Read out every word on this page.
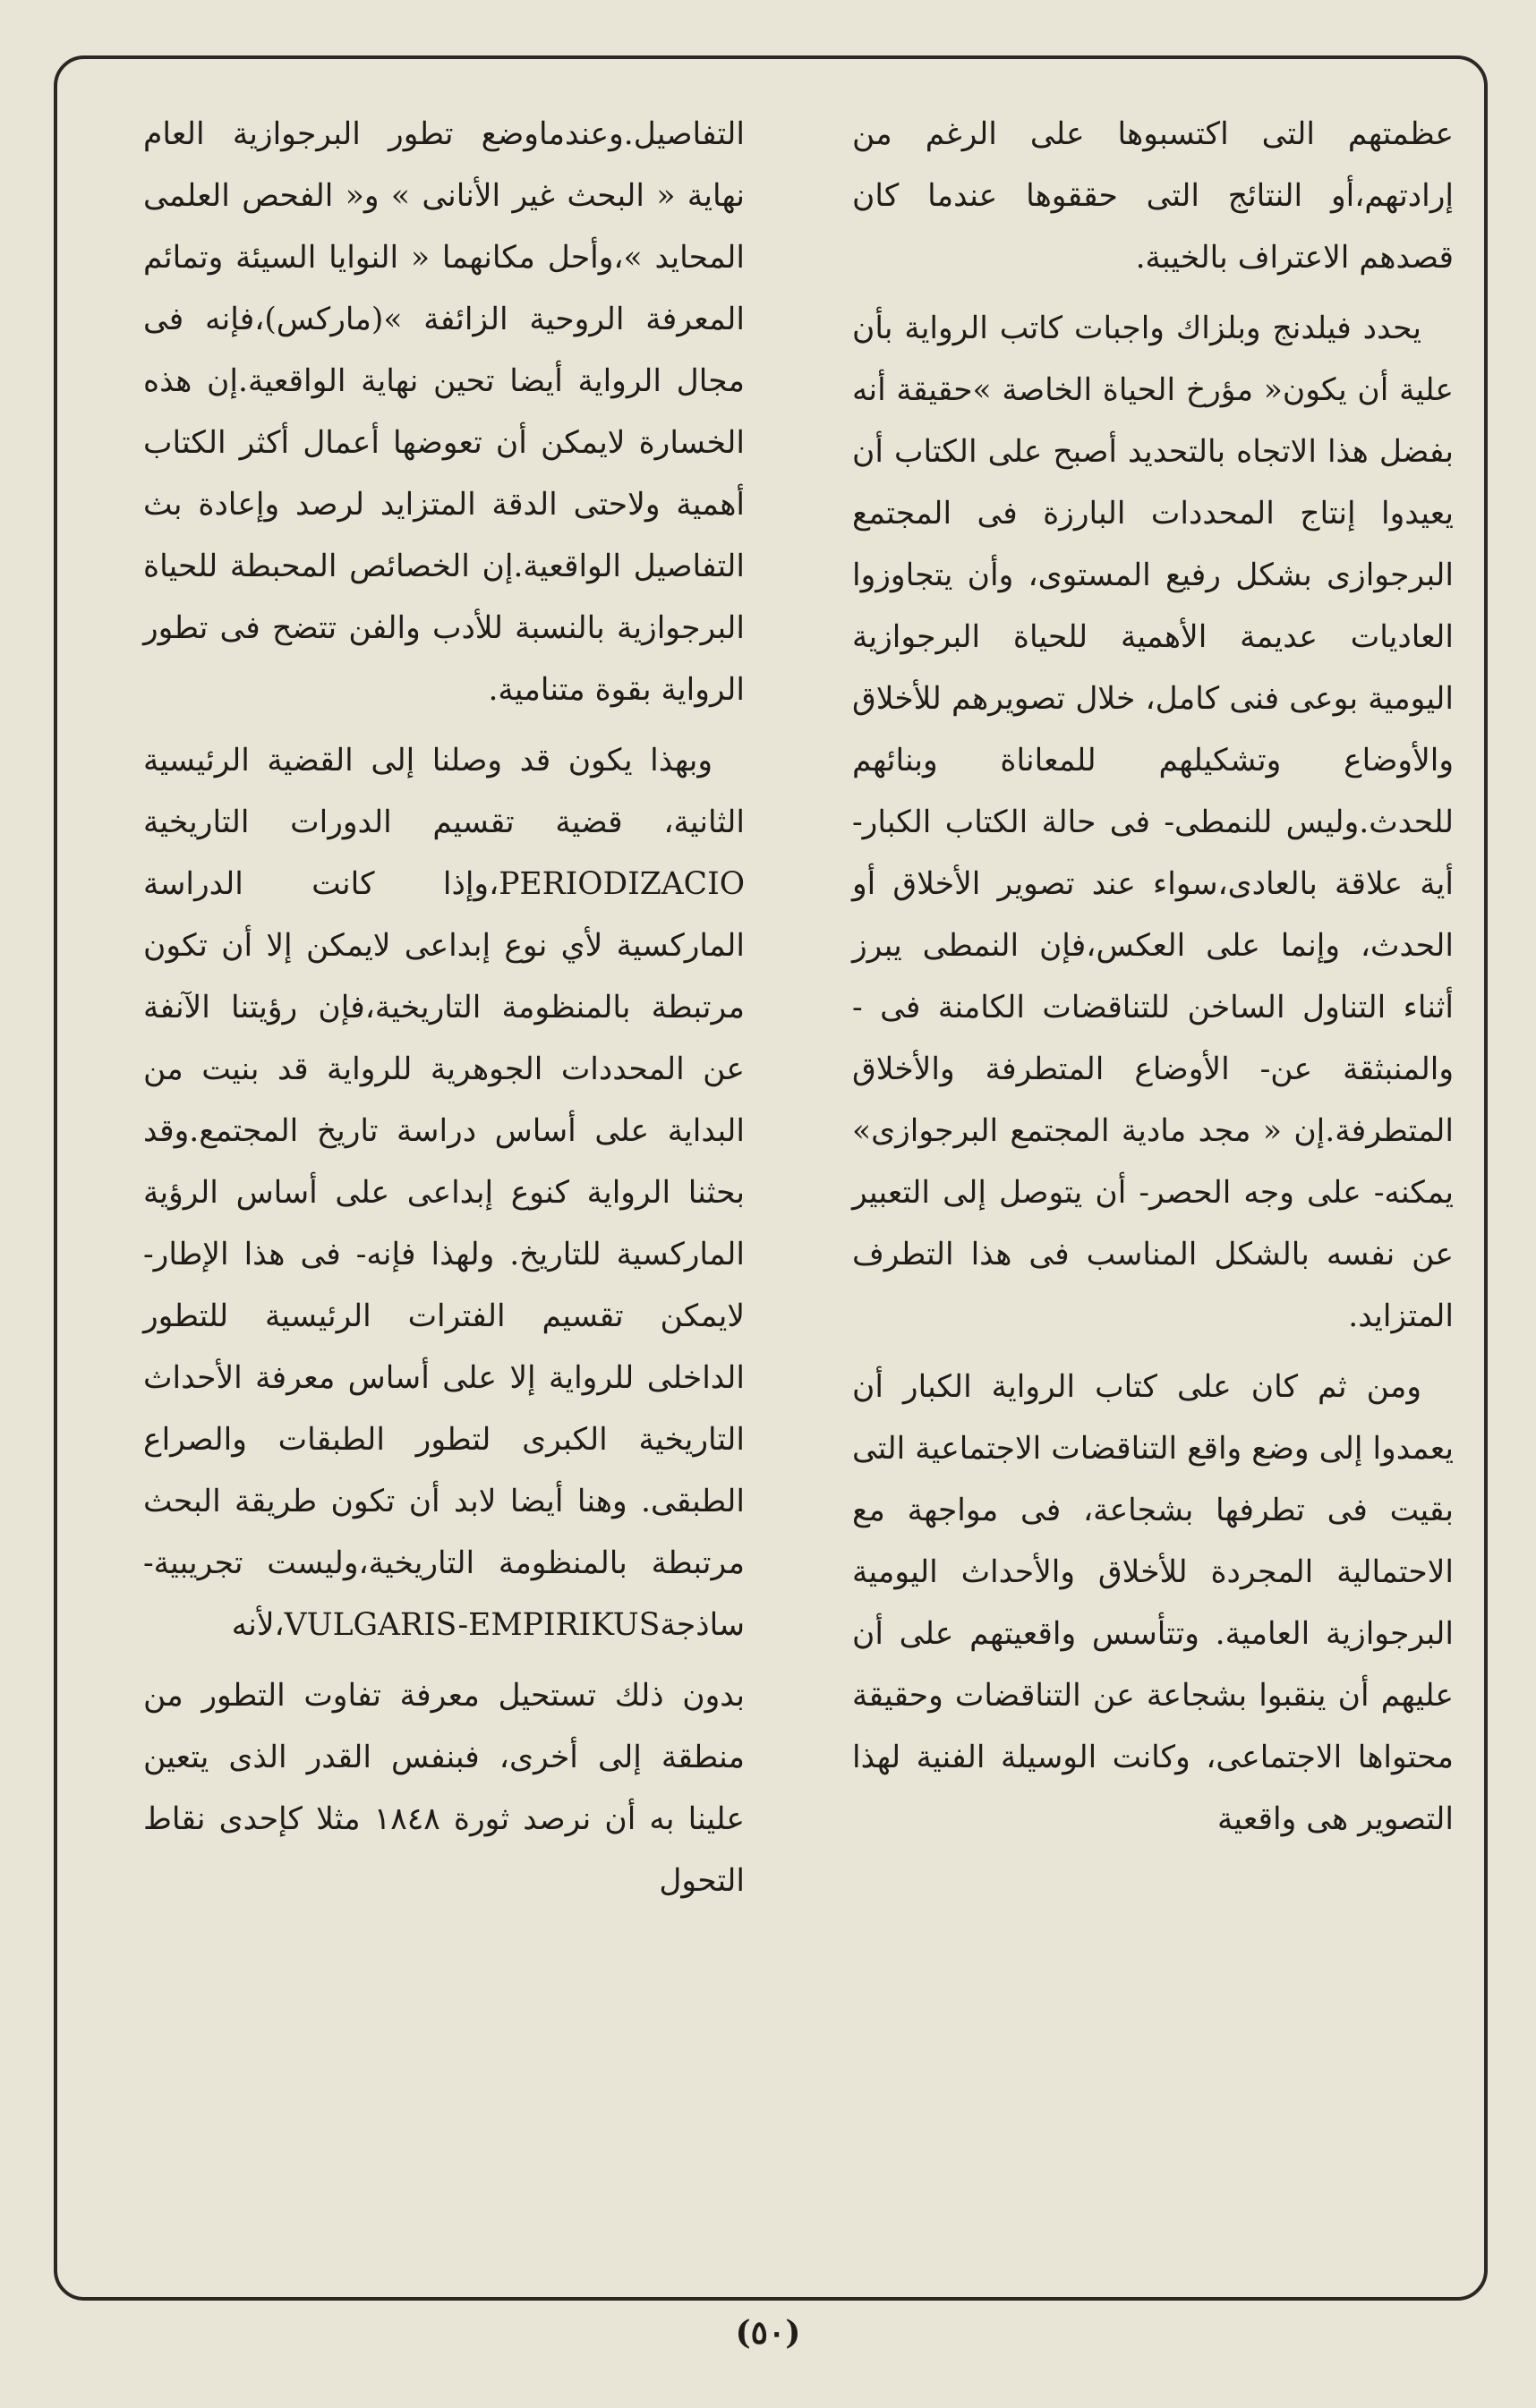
عظمتهم التى اكتسبوها على الرغم من إرادتهم،أو النتائج التى حققوها عندما كان قصدهم الاعتراف بالخيبة.

يحدد فيلدنج وبلزاك واجبات كاتب الرواية بأن علية أن يكون« مؤرخ الحياة الخاصة »حقيقة أنه بفضل هذا الاتجاه بالتحديد أصبح على الكتاب أن يعيدوا إنتاج المحددات البارزة فى المجتمع البرجوازى بشكل رفيع المستوى، وأن يتجاوزوا العاديات عديمة الأهمية للحياة البرجوازية اليومية بوعى فنى كامل، خلال تصويرهم للأخلاق والأوضاع وتشكيلهم للمعاناة وبنائهم للحدث.وليس للنمطى- فى حالة الكتاب الكبار- أية علاقة بالعادى،سواء عند تصوير الأخلاق أو الحدث، وإنما على العكس،فإن النمطى يبرز أثناء التناول الساخن للتناقضات الكامنة فى - والمنبثقة عن- الأوضاع المتطرفة والأخلاق المتطرفة.إن « مجد مادية المجتمع البرجوازى» يمكنه- على وجه الحصر- أن يتوصل إلى التعبير عن نفسه بالشكل المناسب فى هذا التطرف المتزايد.

ومن ثم كان على كتاب الرواية الكبار أن يعمدوا إلى وضع واقع التناقضات الاجتماعية التى بقيت فى تطرفها بشجاعة، فى مواجهة مع الاحتمالية المجردة للأخلاق والأحداث اليومية البرجوازية العامية. وتتأسس واقعيتهم على أن عليهم أن ينقبوا بشجاعة عن التناقضات وحقيقة محتواها الاجتماعى، وكانت الوسيلة الفنية لهذا التصوير هى واقعية

التفاصيل.وعندماوضع تطور البرجوازية العام نهاية « البحث غير الأنانى » و« الفحص العلمى المحايد »،وأحل مكانهما « النوايا السيئة وتمائم المعرفة الروحية الزائفة »(ماركس)،فإنه فى مجال الرواية أيضا تحين نهاية الواقعية.إن هذه الخسارة لايمكن أن تعوضها أعمال أكثر الكتاب أهمية ولاحتى الدقة المتزايد لرصد وإعادة بث التفاصيل الواقعية.إن الخصائص المحبطة للحياة البرجوازية بالنسبة للأدب والفن تتضح فى تطور الرواية بقوة متنامية.

وبهذا يكون قد وصلنا إلى القضية الرئيسية الثانية، قضية تقسيم الدورات التاريخية PERIODIZACIO،وإذا كانت الدراسة الماركسية لأي نوع إبداعى لايمكن إلا أن تكون مرتبطة بالمنظومة التاريخية،فإن رؤيتنا الآنفة عن المحددات الجوهرية للرواية قد بنيت من البداية على أساس دراسة تاريخ المجتمع.وقد بحثنا الرواية كنوع إبداعى على أساس الرؤية الماركسية للتاريخ. ولهذا فإنه- فى هذا الإطار- لايمكن تقسيم الفترات الرئيسية للتطور الداخلى للرواية إلا على أساس معرفة الأحداث التاريخية الكبرى لتطور الطبقات والصراع الطبقى. وهنا أيضا لابد أن تكون طريقة البحث مرتبطة بالمنظومة التاريخية،وليست تجريبية- ساذجةVULGARIS-EMPIRIKUS،لأنه

بدون ذلك تستحيل معرفة تفاوت التطور من منطقة إلى أخرى، فبنفس القدر الذى يتعين علينا به أن نرصد ثورة ١٨٤٨ مثلا كإحدى نقاط التحول

(٥٠)
